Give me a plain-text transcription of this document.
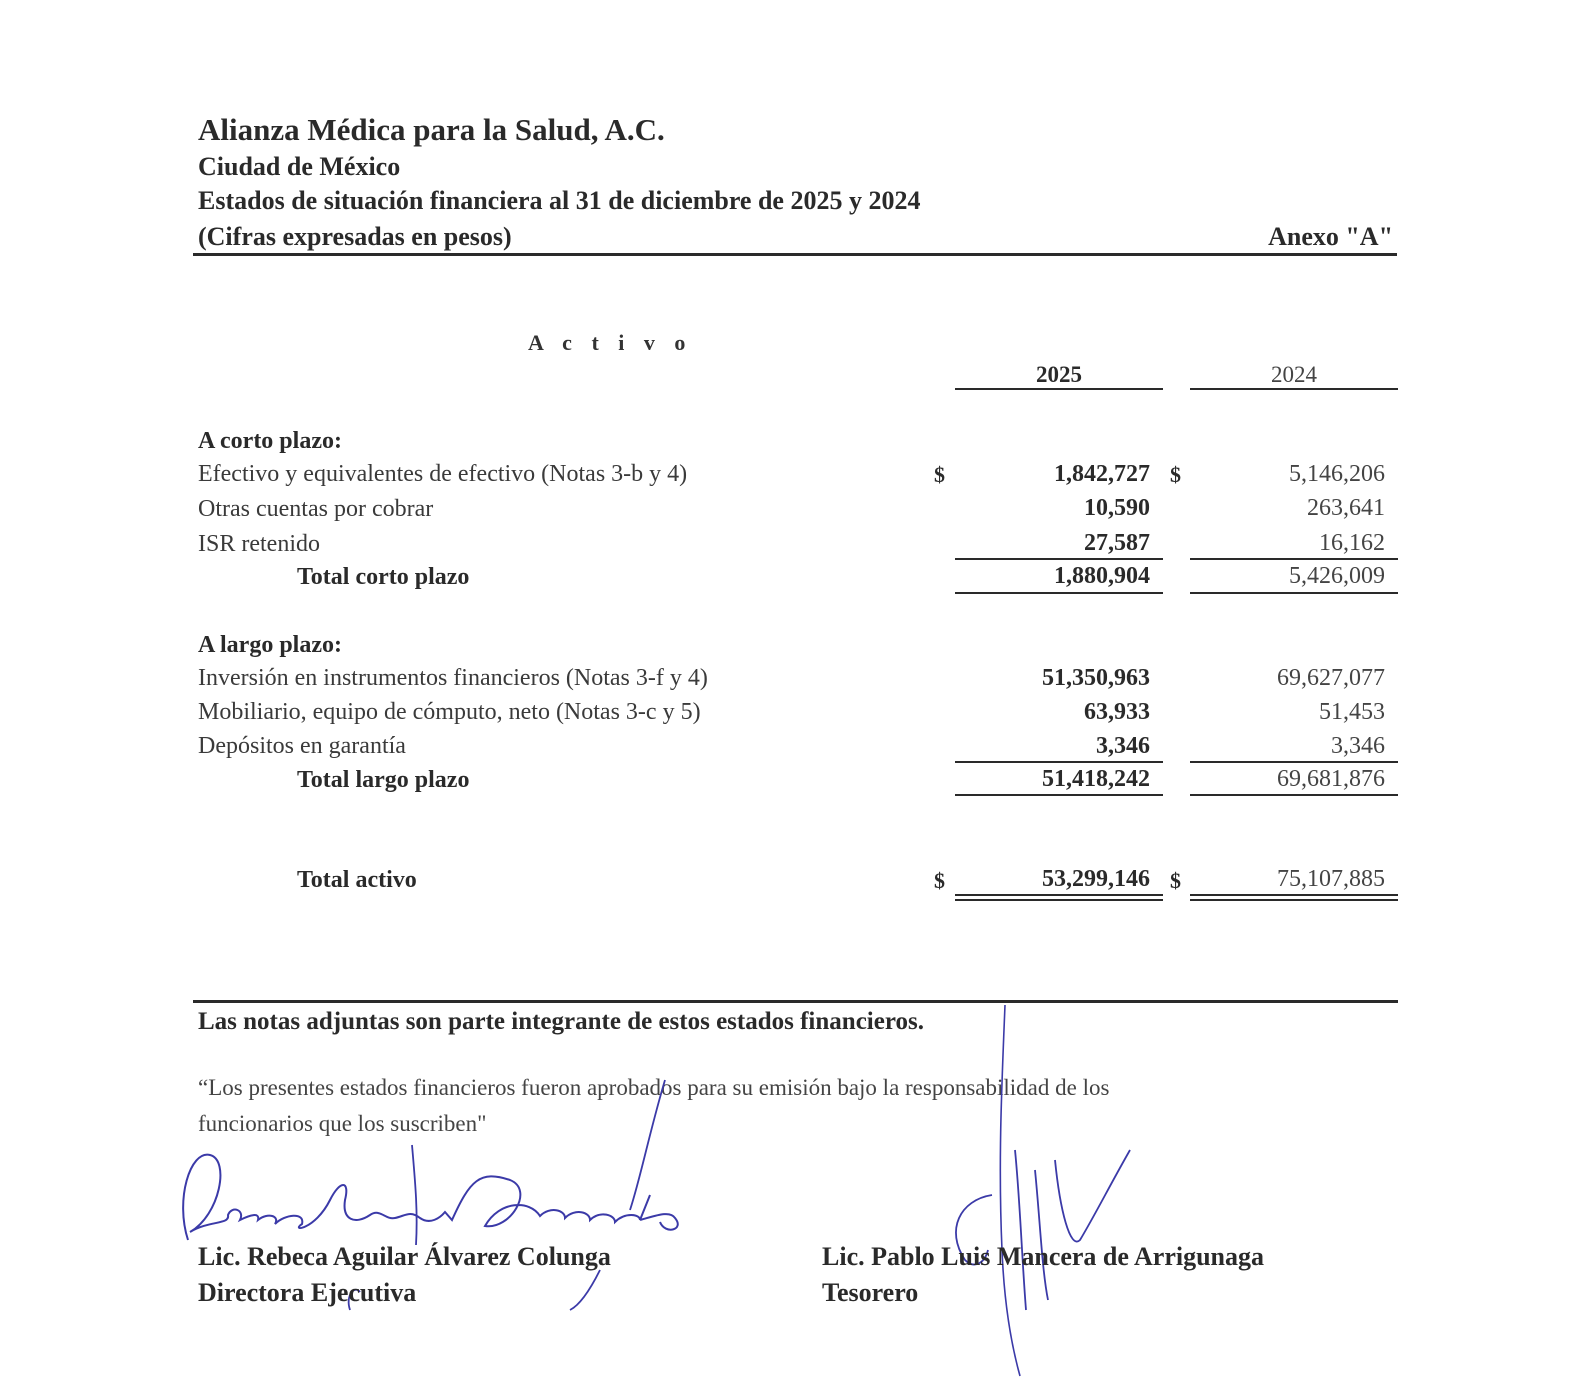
Alianza Médica para la Salud, A.C.
Ciudad de México
Estados de situación financiera al 31 de diciembre de 2025 y 2024
(Cifras expresadas en pesos)	Anexo "A"
A c t i v o
2025	2024
A corto plazo:
Efectivo y equivalentes de efectivo (Notas 3-b y 4)	$	1,842,727 $	5,146,206
Otras cuentas por cobrar	10,590	263,641
ISR retenido	27,587	16,162
Total corto plazo	1,880,904	5,426,009
A largo plazo:
Inversión en instrumentos financieros (Notas 3-f y 4)	51,350,963	69,627,077
Mobiliario, equipo de cómputo, neto (Notas 3-c y 5)	63,933	51,453
Depósitos en garantía	3,346	3,346
Total largo plazo	51,418,242	69,681,876
Total activo	$	53,299,146 $	75,107,885
Las notas adjuntas son parte integrante de estos estados financieros.
“Los presentes estados financieros fueron aprobados para su emisión bajo la responsabilidad de los
funcionarios que los suscriben"
Lic. Rebeca Aguilar Álvarez Colunga
Directora Ejecutiva
Lic. Pablo Luis Mancera de Arrigunaga
Tesorero
